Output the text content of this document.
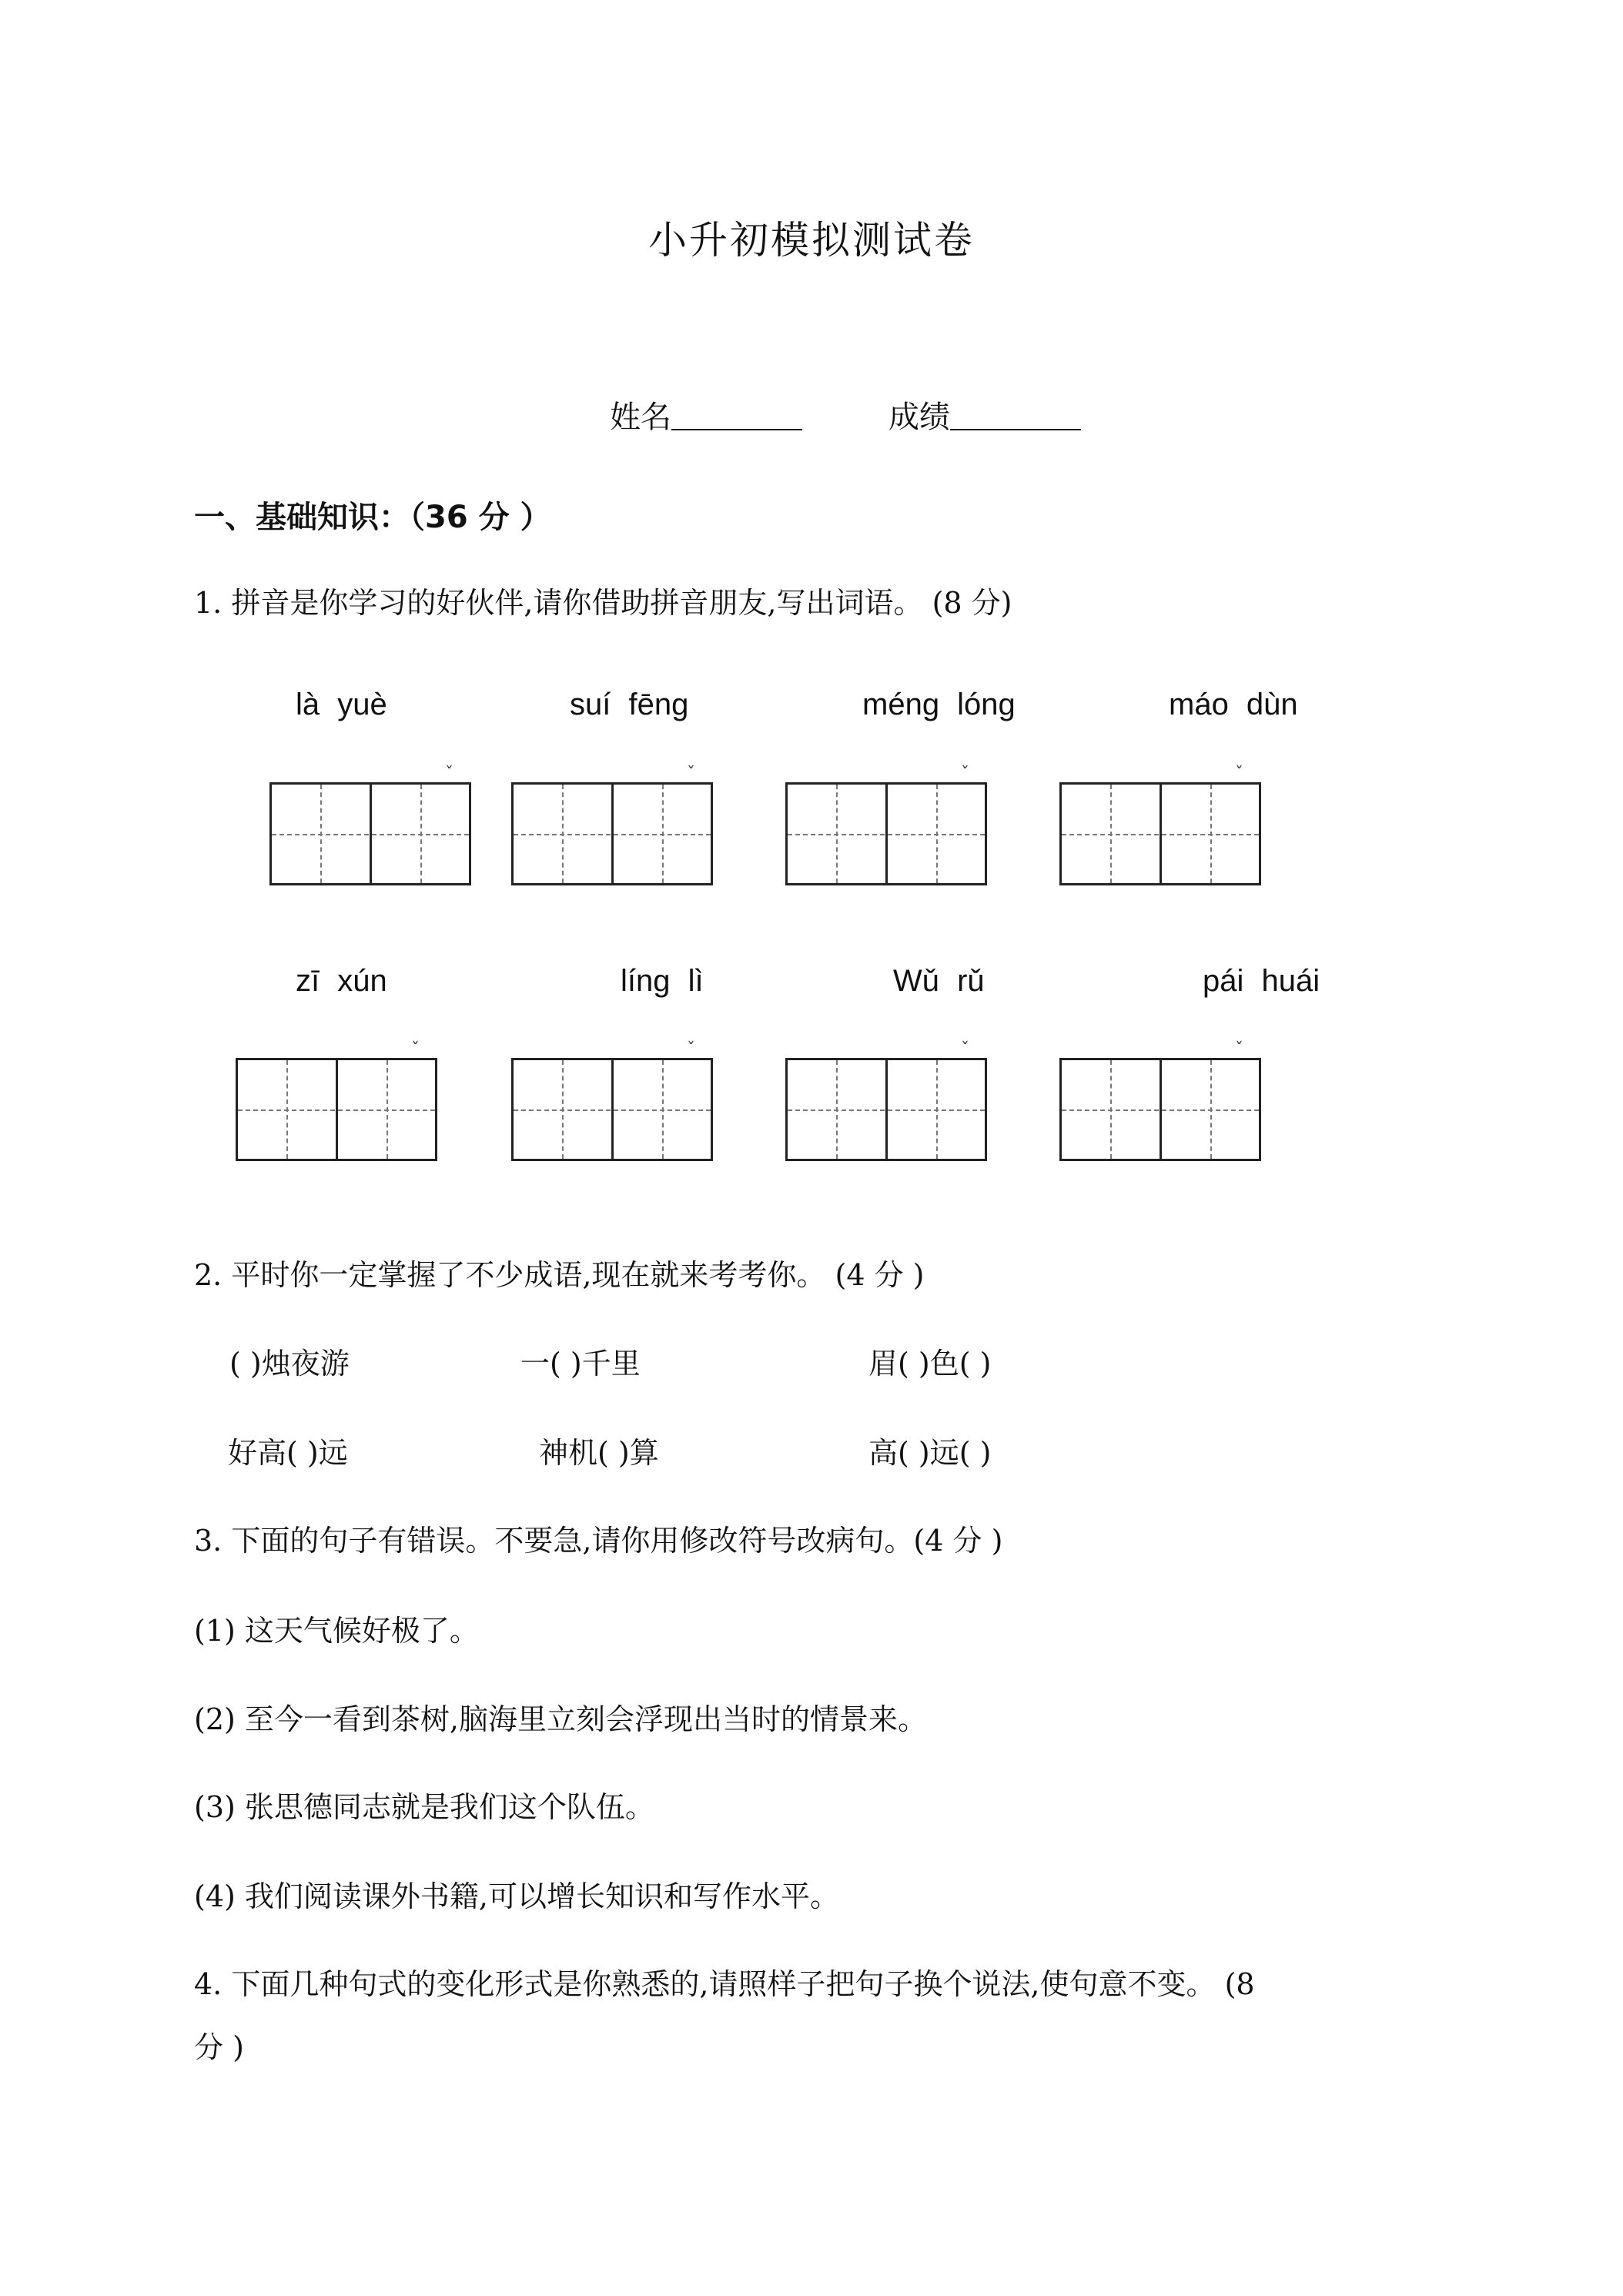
小升初模拟测试卷
姓名	成绩
一、基础知识：（36 分 ）
1. 拼音是你学习的好伙伴,请你借助拼音朋友,写出词语。 (8 分)
là yuè	suí fēng	méng lóng	máo dùn
ˇ	ˇ	ˇ	ˇ
zī xún	líng lì	Wǔ rǔ	pái huái
ˇ	ˇ	ˇ	ˇ
2. 平时你一定掌握了不少成语,现在就来考考你。 (4 分 )
( )烛夜游	一( )千里	眉( )色( )
好高( )远	神机( )算	高( )远( )
3. 下面的句子有错误。不要急,请你用修改符号改病句。(4 分 )
(1) 这天气候好极了。
(2) 至今一看到茶树,脑海里立刻会浮现出当时的情景来。
(3) 张思德同志就是我们这个队伍。
(4) 我们阅读课外书籍,可以增长知识和写作水平。
4. 下面几种句式的变化形式是你熟悉的,请照样子把句子换个说法,使句意不变。 (8
分 )
